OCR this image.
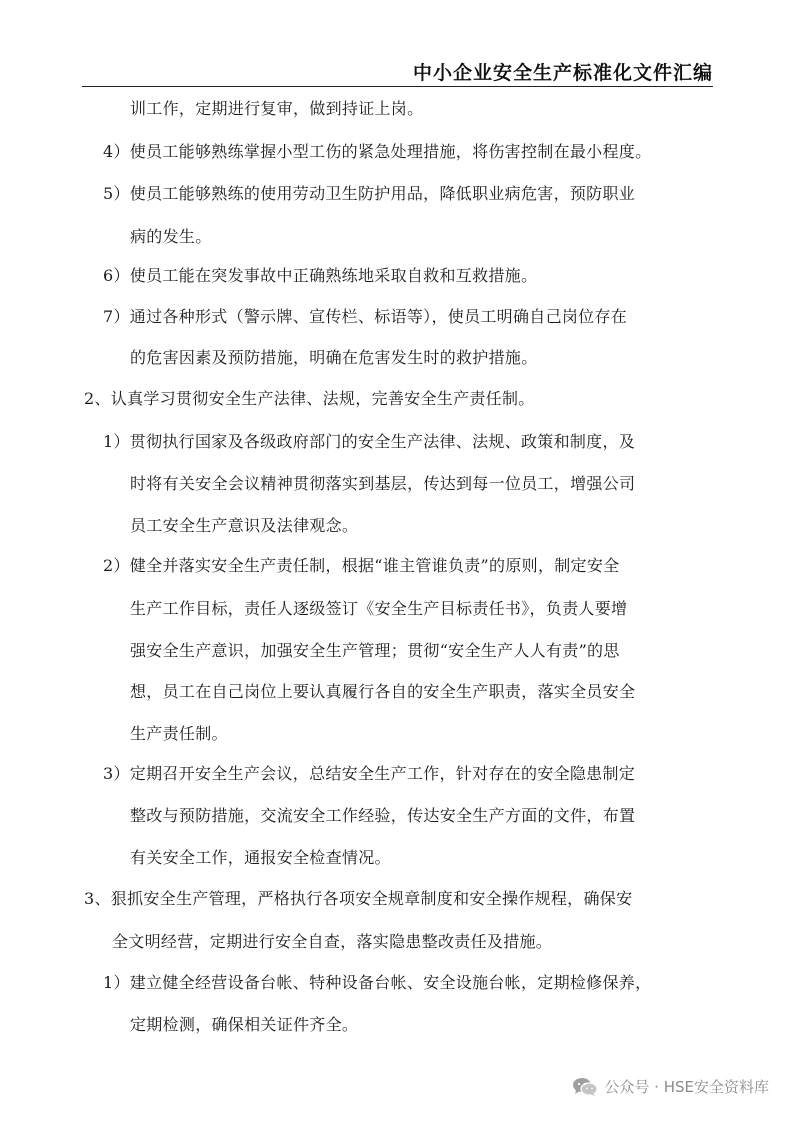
中小企业安全生产标准化文件汇编
训工作，定期进行复审，做到持证上岗。
4）使员工能够熟练掌握小型工伤的紧急处理措施，将伤害控制在最小程度。
5）使员工能够熟练的使用劳动卫生防护用品，降低职业病危害，预防职业
病的发生。
6）使员工能在突发事故中正确熟练地采取自救和互救措施。
7）通过各种形式（警示牌、宣传栏、标语等），使员工明确自己岗位存在
的危害因素及预防措施，明确在危害发生时的救护措施。
2、认真学习贯彻安全生产法律、法规，完善安全生产责任制。
1）贯彻执行国家及各级政府部门的安全生产法律、法规、政策和制度，及
时将有关安全会议精神贯彻落实到基层，传达到每一位员工，增强公司
员工安全生产意识及法律观念。
2）健全并落实安全生产责任制，根据“谁主管谁负责”的原则，制定安全
生产工作目标，责任人逐级签订《安全生产目标责任书》，负责人要增
强安全生产意识，加强安全生产管理；贯彻“安全生产人人有责”的思
想，员工在自己岗位上要认真履行各自的安全生产职责，落实全员安全
生产责任制。
3）定期召开安全生产会议，总结安全生产工作，针对存在的安全隐患制定
整改与预防措施，交流安全工作经验，传达安全生产方面的文件，布置
有关安全工作，通报安全检查情况。
3、狠抓安全生产管理，严格执行各项安全规章制度和安全操作规程，确保安
全文明经营，定期进行安全自查，落实隐患整改责任及措施。
1）建立健全经营设备台帐、特种设备台帐、安全设施台帐，定期检修保养，
定期检测，确保相关证件齐全。
公众号 · HSE安全资料库
